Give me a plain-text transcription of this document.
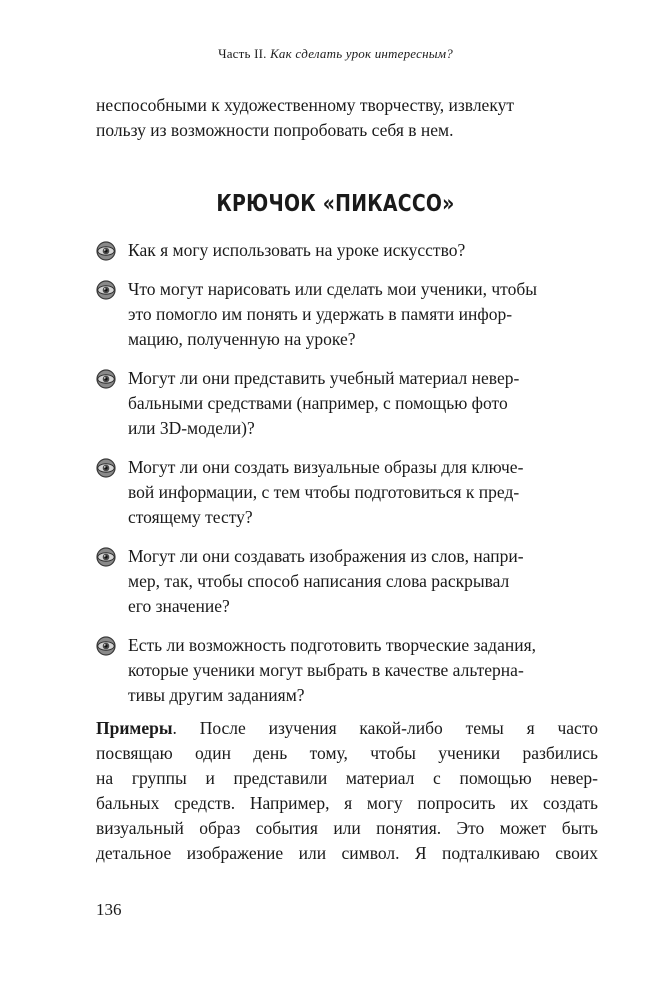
Часть II. Как сделать урок интересным?

неспособными к художественному творчеству, извлекут
пользу из возможности попробовать себя в нем.

КРЮЧОК «ПИКАССО»
Как я могу использовать на уроке искусство?
Что могут нарисовать или сделать мои ученики, чтобы
это помогло им понять и удержать в памяти инфор-
мацию, полученную на уроке?
Могут ли они представить учебный материал невер-
бальными средствами (например, с помощью фото
или 3D-модели)?
Могут ли они создать визуальные образы для ключе-
вой информации, с тем чтобы подготовиться к пред-
стоящему тесту?
Могут ли они создавать изображения из слов, напри-
мер, так, чтобы способ написания слова раскрывал
его значение?
Есть ли возможность подготовить творческие задания,
которые ученики могут выбрать в качестве альтерна-
тивы другим заданиям?

Примеры. После изучения какой-либо темы я часто
посвящаю один день тому, чтобы ученики разбились
на группы и представили материал с помощью невер-
бальных средств. Например, я могу попросить их создать
визуальный образ события или понятия. Это может быть
детальное изображение или символ. Я подталкиваю своих

136
